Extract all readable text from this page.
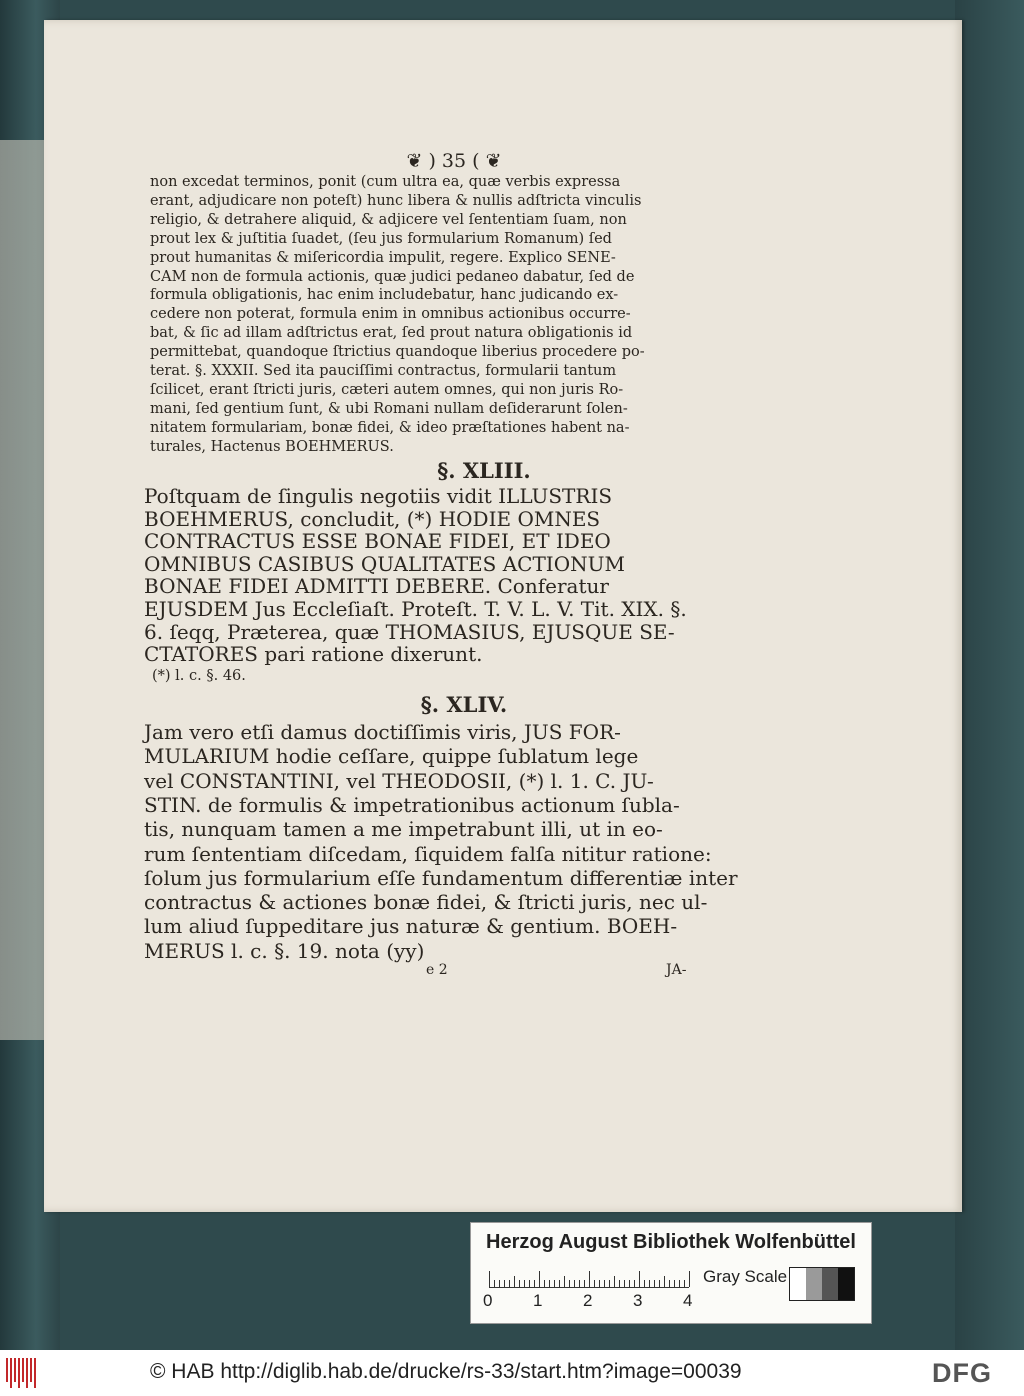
❦ ) 35 ( ❦
non excedat terminos, ponit (cum ultra ea, quæ verbis expressa
erant, adjudicare non poteſt) hunc libera & nullis adſtricta vinculis
religio, & detrahere aliquid, & adjicere vel ſententiam ſuam, non
prout lex & juſtitia ſuadet, (ſeu jus formularium Romanum) ſed
prout humanitas & miſericordia impulit, regere. Explico SENE-
CAM non de formula actionis, quæ judici pedaneo dabatur, ſed de
formula obligationis, hac enim includebatur, hanc judicando ex-
cedere non poterat, formula enim in omnibus actionibus occurre-
bat, & ſic ad illam adſtrictus erat, ſed prout natura obligationis id
permittebat, quandoque ſtrictius quandoque liberius procedere po-
terat. §. XXXII. Sed ita pauciſſimi contractus, formularii tantum
ſcilicet, erant ſtricti juris, cæteri autem omnes, qui non juris Ro-
mani, ſed gentium ſunt, & ubi Romani nullam deſiderarunt ſolen-
nitatem formulariam, bonæ fidei, & ideo præſtationes habent na-
turales, Hactenus BOEHMERUS.
§. XLIII.
Poſtquam de ſingulis negotiis vidit ILLUSTRIS
BOEHMERUS, concludit, (*) HODIE OMNES
CONTRACTUS ESSE BONAE FIDEI, ET IDEO
OMNIBUS CASIBUS QUALITATES ACTIONUM
BONAE FIDEI ADMITTI DEBERE. Conferatur
EJUSDEM Jus Eccleſiaſt. Proteſt. T. V. L. V. Tit. XIX. §.
6. ſeqq, Præterea, quæ THOMASIUS, EJUSQUE SE-
CTATORES pari ratione dixerunt.
(*) l. c. §. 46.
§. XLIV.
Jam vero etſi damus doctiſſimis viris, JUS FOR-
MULARIUM hodie ceſſare, quippe ſublatum lege
vel CONSTANTINI, vel THEODOSII, (*) l. 1. C. JU-
STIN. de formulis & impetrationibus actionum ſubla-
tis, nunquam tamen a me impetrabunt illi, ut in eo-
rum ſententiam diſcedam, ſiquidem falſa nititur ratione:
ſolum jus formularium eſſe fundamentum differentiæ inter
contractus & actiones bonæ fidei, & ſtricti juris, nec ul-
lum aliud ſuppeditare jus naturæ & gentium. BOEH-
MERUS l. c. §. 19. nota (yy)
e 2	JA-
Herzog August Bibliothek Wolfenbüttel
0 1 2 3 4
Gray Scale
© HAB http://diglib.hab.de/drucke/rs-33/start.htm?image=00039	DFG
